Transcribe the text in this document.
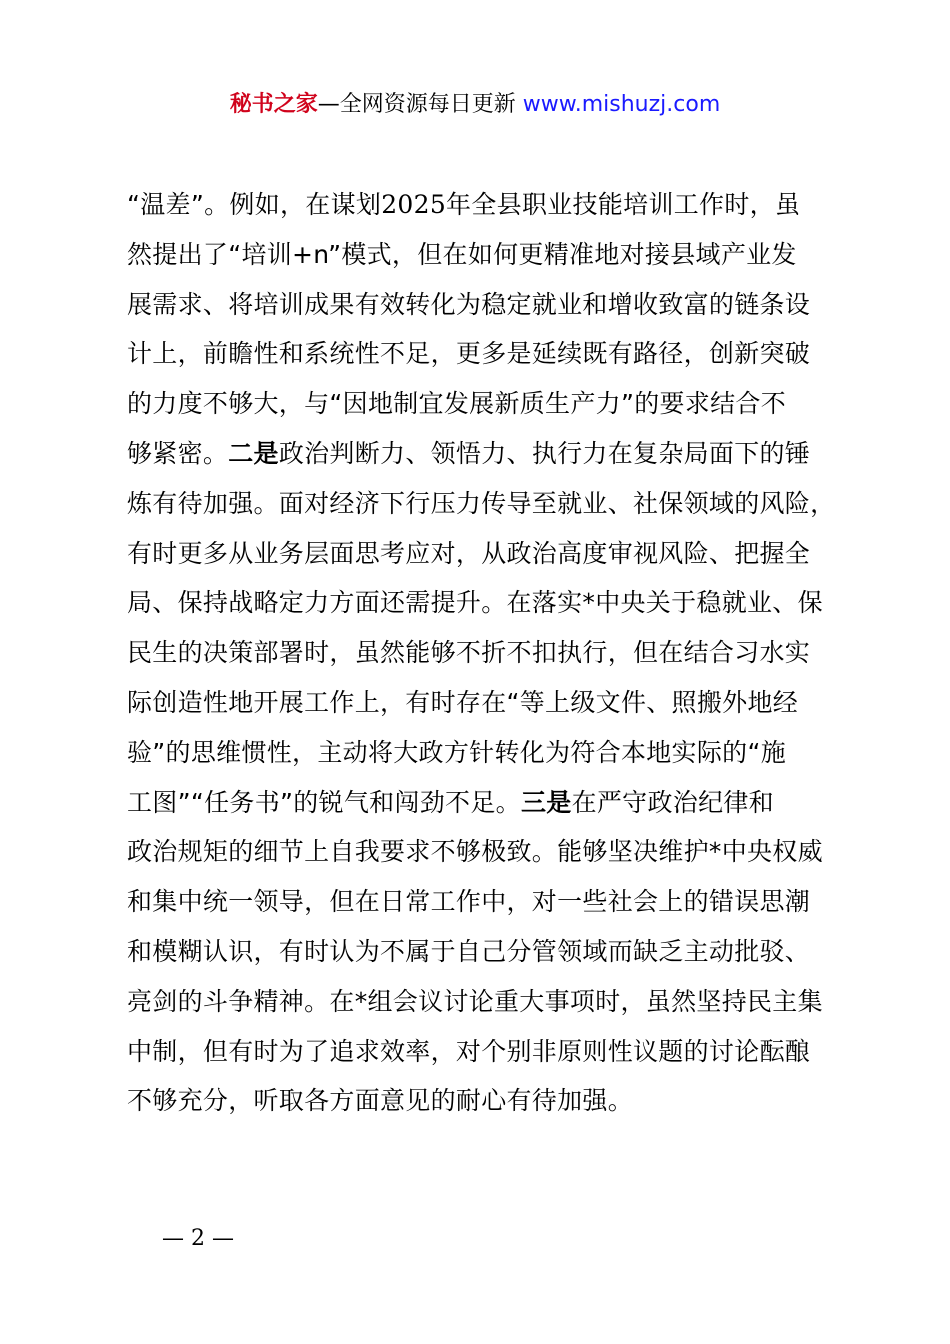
秘书之家—全网资源每日更新 www.mishuzj.com
“温差”。例如，在谋划2025年全县职业技能培训工作时，虽
然提出了“培训+n”模式，但在如何更精准地对接县域产业发
展需求、将培训成果有效转化为稳定就业和增收致富的链条设
计上，前瞻性和系统性不足，更多是延续既有路径，创新突破
的力度不够大，与“因地制宜发展新质生产力”的要求结合不
够紧密。二是政治判断力、领悟力、执行力在复杂局面下的锤
炼有待加强。面对经济下行压力传导至就业、社保领域的风险，
有时更多从业务层面思考应对，从政治高度审视风险、把握全
局、保持战略定力方面还需提升。在落实*中央关于稳就业、保
民生的决策部署时，虽然能够不折不扣执行，但在结合习水实
际创造性地开展工作上，有时存在“等上级文件、照搬外地经
验”的思维惯性，主动将大政方针转化为符合本地实际的“施
工图”“任务书”的锐气和闯劲不足。三是在严守政治纪律和
政治规矩的细节上自我要求不够极致。能够坚决维护*中央权威
和集中统一领导，但在日常工作中，对一些社会上的错误思潮
和模糊认识，有时认为不属于自己分管领域而缺乏主动批驳、
亮剑的斗争精神。在*组会议讨论重大事项时，虽然坚持民主集
中制，但有时为了追求效率，对个别非原则性议题的讨论酝酿
不够充分，听取各方面意见的耐心有待加强。
— 2 —
